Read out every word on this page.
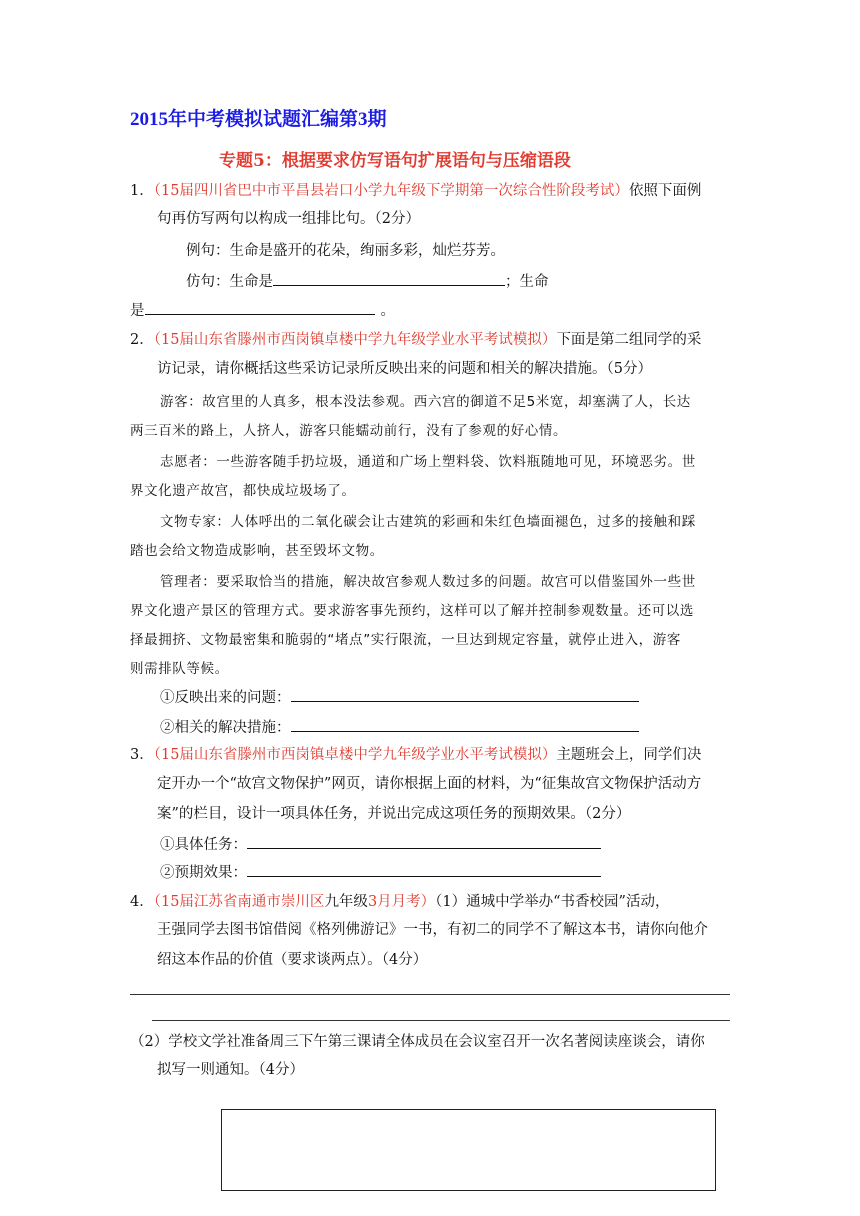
2015年中考模拟试题汇编第3期
专题5：根据要求仿写语句扩展语句与压缩语段
1．（15届四川省巴中市平昌县岩口小学九年级下学期第一次综合性阶段考试）依照下面例
句再仿写两句以构成一组排比句。（2分）
例句：生命是盛开的花朵，绚丽多彩，灿烂芬芳。
仿句：生命是	；生命
是	。
2．（15届山东省滕州市西岗镇卓楼中学九年级学业水平考试模拟）下面是第二组同学的采
访记录，请你概括这些采访记录所反映出来的问题和相关的解决措施。（5分）
游客：故宫里的人真多，根本没法参观。西六宫的御道不足5米宽，却塞满了人，长达
两三百米的路上，人挤人，游客只能蠕动前行，没有了参观的好心情。
志愿者：一些游客随手扔垃圾，通道和广场上塑料袋、饮料瓶随地可见，环境恶劣。世
界文化遗产故宫，都快成垃圾场了。
文物专家：人体呼出的二氧化碳会让古建筑的彩画和朱红色墙面褪色，过多的接触和踩
踏也会给文物造成影响，甚至毁坏文物。
管理者：要采取恰当的措施，解决故宫参观人数过多的问题。故宫可以借鉴国外一些世
界文化遗产景区的管理方式。要求游客事先预约，这样可以了解并控制参观数量。还可以选
择最拥挤、文物最密集和脆弱的“堵点”实行限流，一旦达到规定容量，就停止进入，游客
则需排队等候。
①反映出来的问题：
②相关的解决措施：
3．（15届山东省滕州市西岗镇卓楼中学九年级学业水平考试模拟）主题班会上，同学们决
定开办一个“故宫文物保护”网页，请你根据上面的材料，为“征集故宫文物保护活动方
案”的栏目，设计一项具体任务，并说出完成这项任务的预期效果。（2分）
①具体任务：
②预期效果：
4．（15届江苏省南通市崇川区九年级3月月考）（1）通城中学举办“书香校园”活动，
王强同学去图书馆借阅《格列佛游记》一书，有初二的同学不了解这本书，请你向他介
绍这本作品的价值（要求谈两点）。（4分）
（2）学校文学社准备周三下午第三课请全体成员在会议室召开一次名著阅读座谈会，请你
拟写一则通知。（4分）
